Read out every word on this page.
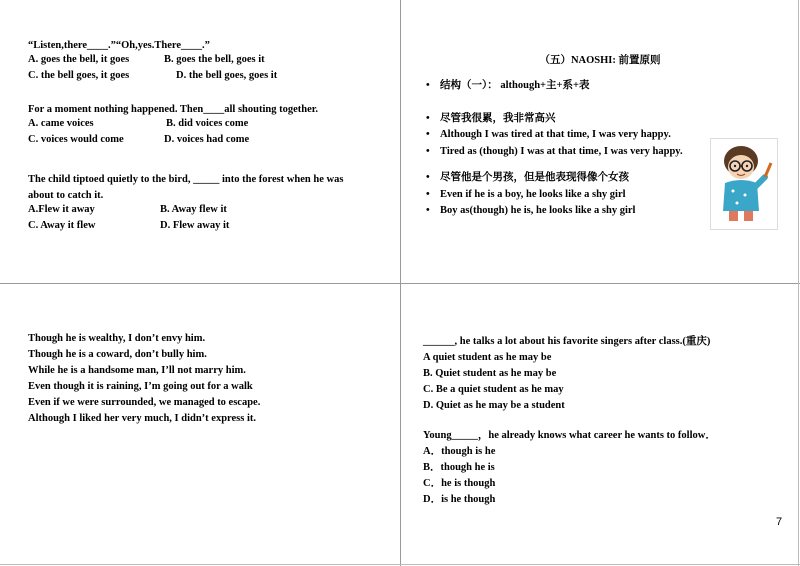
“Listen,there____.”“Oh,yes.There____.”
A. goes the bell, it goes	B. goes the bell, goes it
C. the bell goes, it goes	D. the bell goes, goes it
For a moment nothing happened. Then____all shouting together.
A. came voices	B. did voices come
C. voices would come	D. voices had come
The child tiptoed quietly to the bird, _____ into the forest when he was
about to catch it.
A.Flew it away	B. Away flew it
C. Away it flew	D. Flew away it
（五）NAOSHI: 前置原则
• 结构（一）： although+主+系+表
• 尽管我很累，我非常高兴
• Although I was tired at that time, I was very happy.
• Tired as (though) I was at that time, I was very happy.
• 尽管他是个男孩，但是他表现得像个女孩
• Even if he is a boy, he looks like a shy girl
• Boy as(though) he is, he looks like a shy girl
Though he is wealthy, I don’t envy him.
Though he is a coward, don’t bully him.
While he is a handsome man, I’ll not marry him.
Even though it is raining, I’m going out for a walk
Even if we were surrounded, we managed to escape.
Although I liked her very much, I didn’t express it.
______, he talks a lot about his favorite singers after class.(重庆)
A quiet student as he may be
B. Quiet student as he may be
C. Be a quiet student as he may
D. Quiet as he may be a student
Young_____，he already knows what career he wants to follow．
A．though is he
B．though he is
C．he is though
D．is he though
7
